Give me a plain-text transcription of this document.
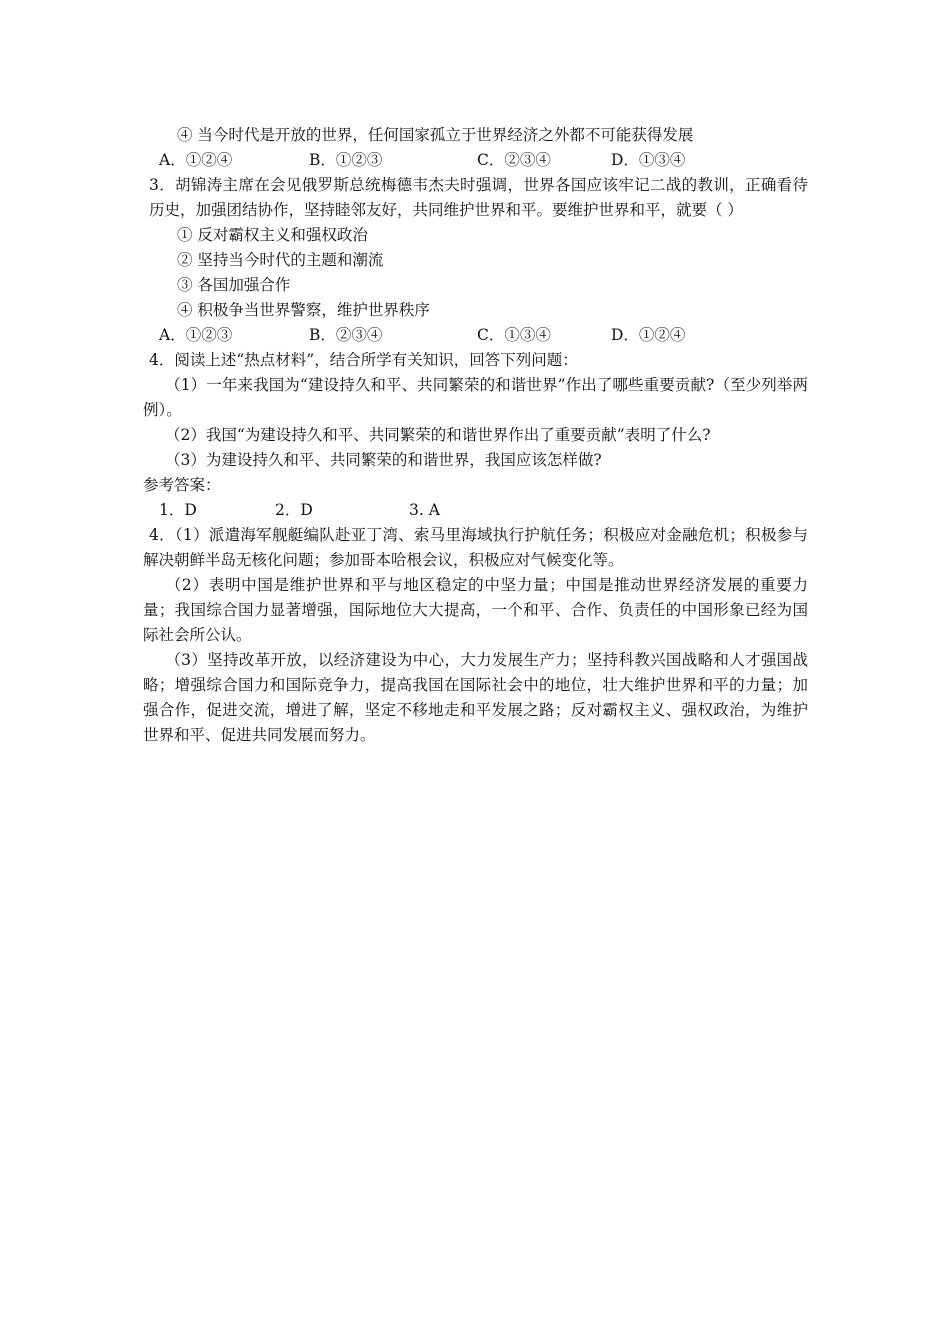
④ 当今时代是开放的世界，任何国家孤立于世界经济之外都不可能获得发展
A．①②④	B．①②③	C．②③④	D．①③④
3．胡锦涛主席在会见俄罗斯总统梅德韦杰夫时强调，世界各国应该牢记二战的教训，正确看待历史，加强团结协作，坚持睦邻友好，共同维护世界和平。要维护世界和平，就要（ ）
① 反对霸权主义和强权政治
② 坚持当今时代的主题和潮流
③ 各国加强合作
④ 积极争当世界警察，维护世界秩序
A．①②③	B．②③④	C．①③④	D．①②④
4．阅读上述“热点材料”，结合所学有关知识，回答下列问题：
（1）一年来我国为“建设持久和平、共同繁荣的和谐世界”作出了哪些重要贡献?（至少列举两例）。
（2）我国“为建设持久和平、共同繁荣的和谐世界作出了重要贡献”表明了什么?
（3）为建设持久和平、共同繁荣的和谐世界，我国应该怎样做?
参考答案：
1．D	2．D	3. A
4．（1）派遣海军舰艇编队赴亚丁湾、索马里海域执行护航任务；积极应对金融危机；积极参与解决朝鲜半岛无核化问题；参加哥本哈根会议，积极应对气候变化等。
（2）表明中国是维护世界和平与地区稳定的中坚力量；中国是推动世界经济发展的重要力量；我国综合国力显著增强，国际地位大大提高，一个和平、合作、负责任的中国形象已经为国际社会所公认。
（3）坚持改革开放，以经济建设为中心，大力发展生产力；坚持科教兴国战略和人才强国战略；增强综合国力和国际竞争力，提高我国在国际社会中的地位，壮大维护世界和平的力量；加强合作，促进交流，增进了解，坚定不移地走和平发展之路；反对霸权主义、强权政治，为维护世界和平、促进共同发展而努力。
